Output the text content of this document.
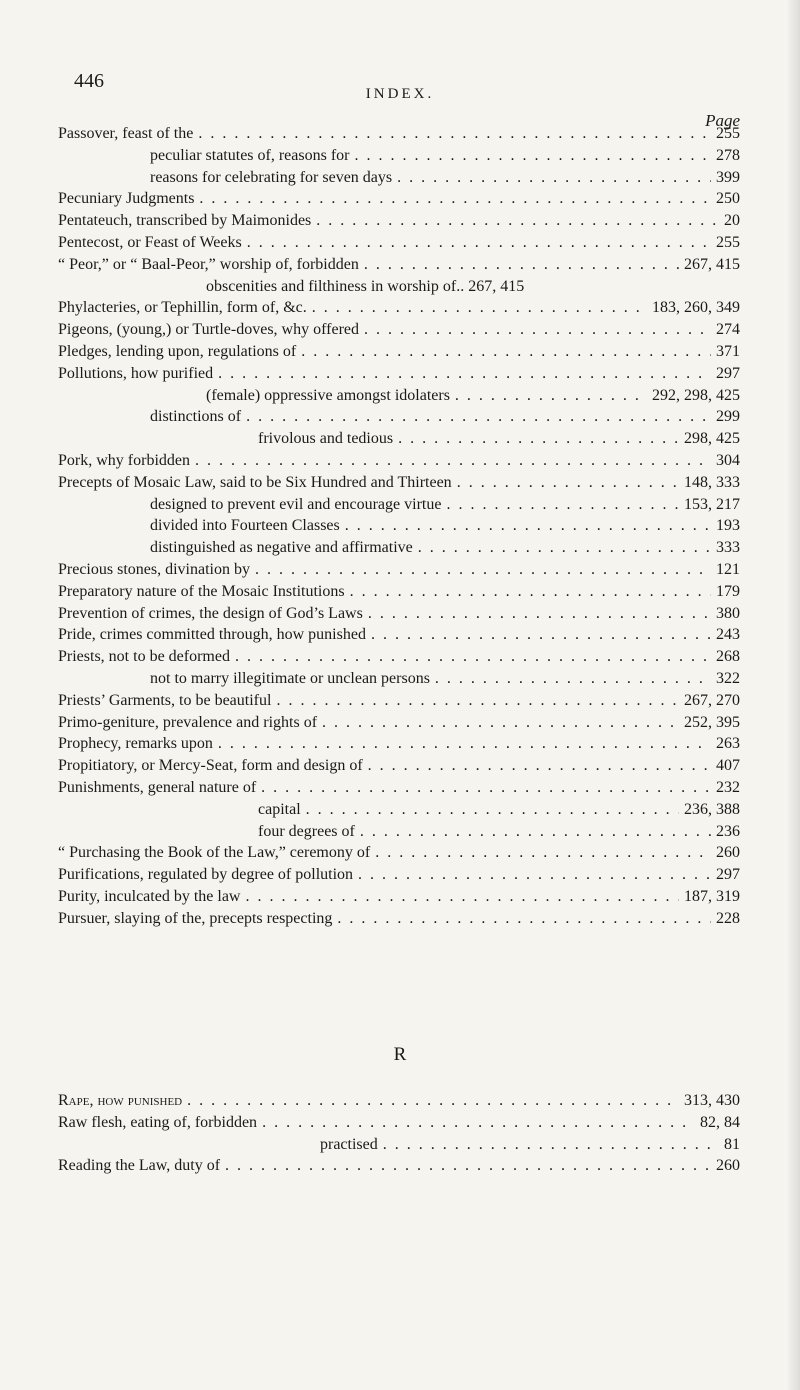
446
INDEX.
Page
Passover, feast of the . . .	255
peculiar statutes of, reasons for . . .	278
reasons for celebrating for seven days . . .	399
Pecuniary Judgments . . .	250
Pentateuch, transcribed by Maimonides . . .	20
Pentecost, or Feast of Weeks . . .	255
“ Peor,” or “ Baal-Peor,” worship of, forbidden . . .	267, 415
obscenities and filthiness in worship of.. 267, 415
Phylacteries, or Tephillin, form of, &c. . . .	183, 260, 349
Pigeons, (young,) or Turtle-doves, why offered . . .	274
Pledges, lending upon, regulations of . . .	371
Pollutions, how purified . . .	297
(female) oppressive amongst idolaters . . .	292, 298, 425
distinctions of . . .	299
frivolous and tedious . . .	298, 425
Pork, why forbidden . . .	304
Precepts of Mosaic Law, said to be Six Hundred and Thirteen . . .	148, 333
designed to prevent evil and encourage virtue . . .	153, 217
divided into Fourteen Classes . . .	193
distinguished as negative and affirmative . . .	333
Precious stones, divination by . . .	121
Preparatory nature of the Mosaic Institutions . . .	179
Prevention of crimes, the design of God’s Laws . . .	380
Pride, crimes committed through, how punished . . .	243
Priests, not to be deformed . . .	268
not to marry illegitimate or unclean persons . . .	322
Priests’ Garments, to be beautiful . . .	267, 270
Primo-geniture, prevalence and rights of . . .	252, 395
Prophecy, remarks upon . . .	263
Propitiatory, or Mercy-Seat, form and design of . . .	407
Punishments, general nature of . . .	232
capital . . .	236, 388
four degrees of . . .	236
“ Purchasing the Book of the Law,” ceremony of . . .	260
Purifications, regulated by degree of pollution . . .	297
Purity, inculcated by the law . . .	187, 319
Pursuer, slaying of the, precepts respecting . . .	228
R
Rape, how punished . . .	313, 430
Raw flesh, eating of, forbidden . . .	82, 84
practised . . .	81
Reading the Law, duty of . . .	260
